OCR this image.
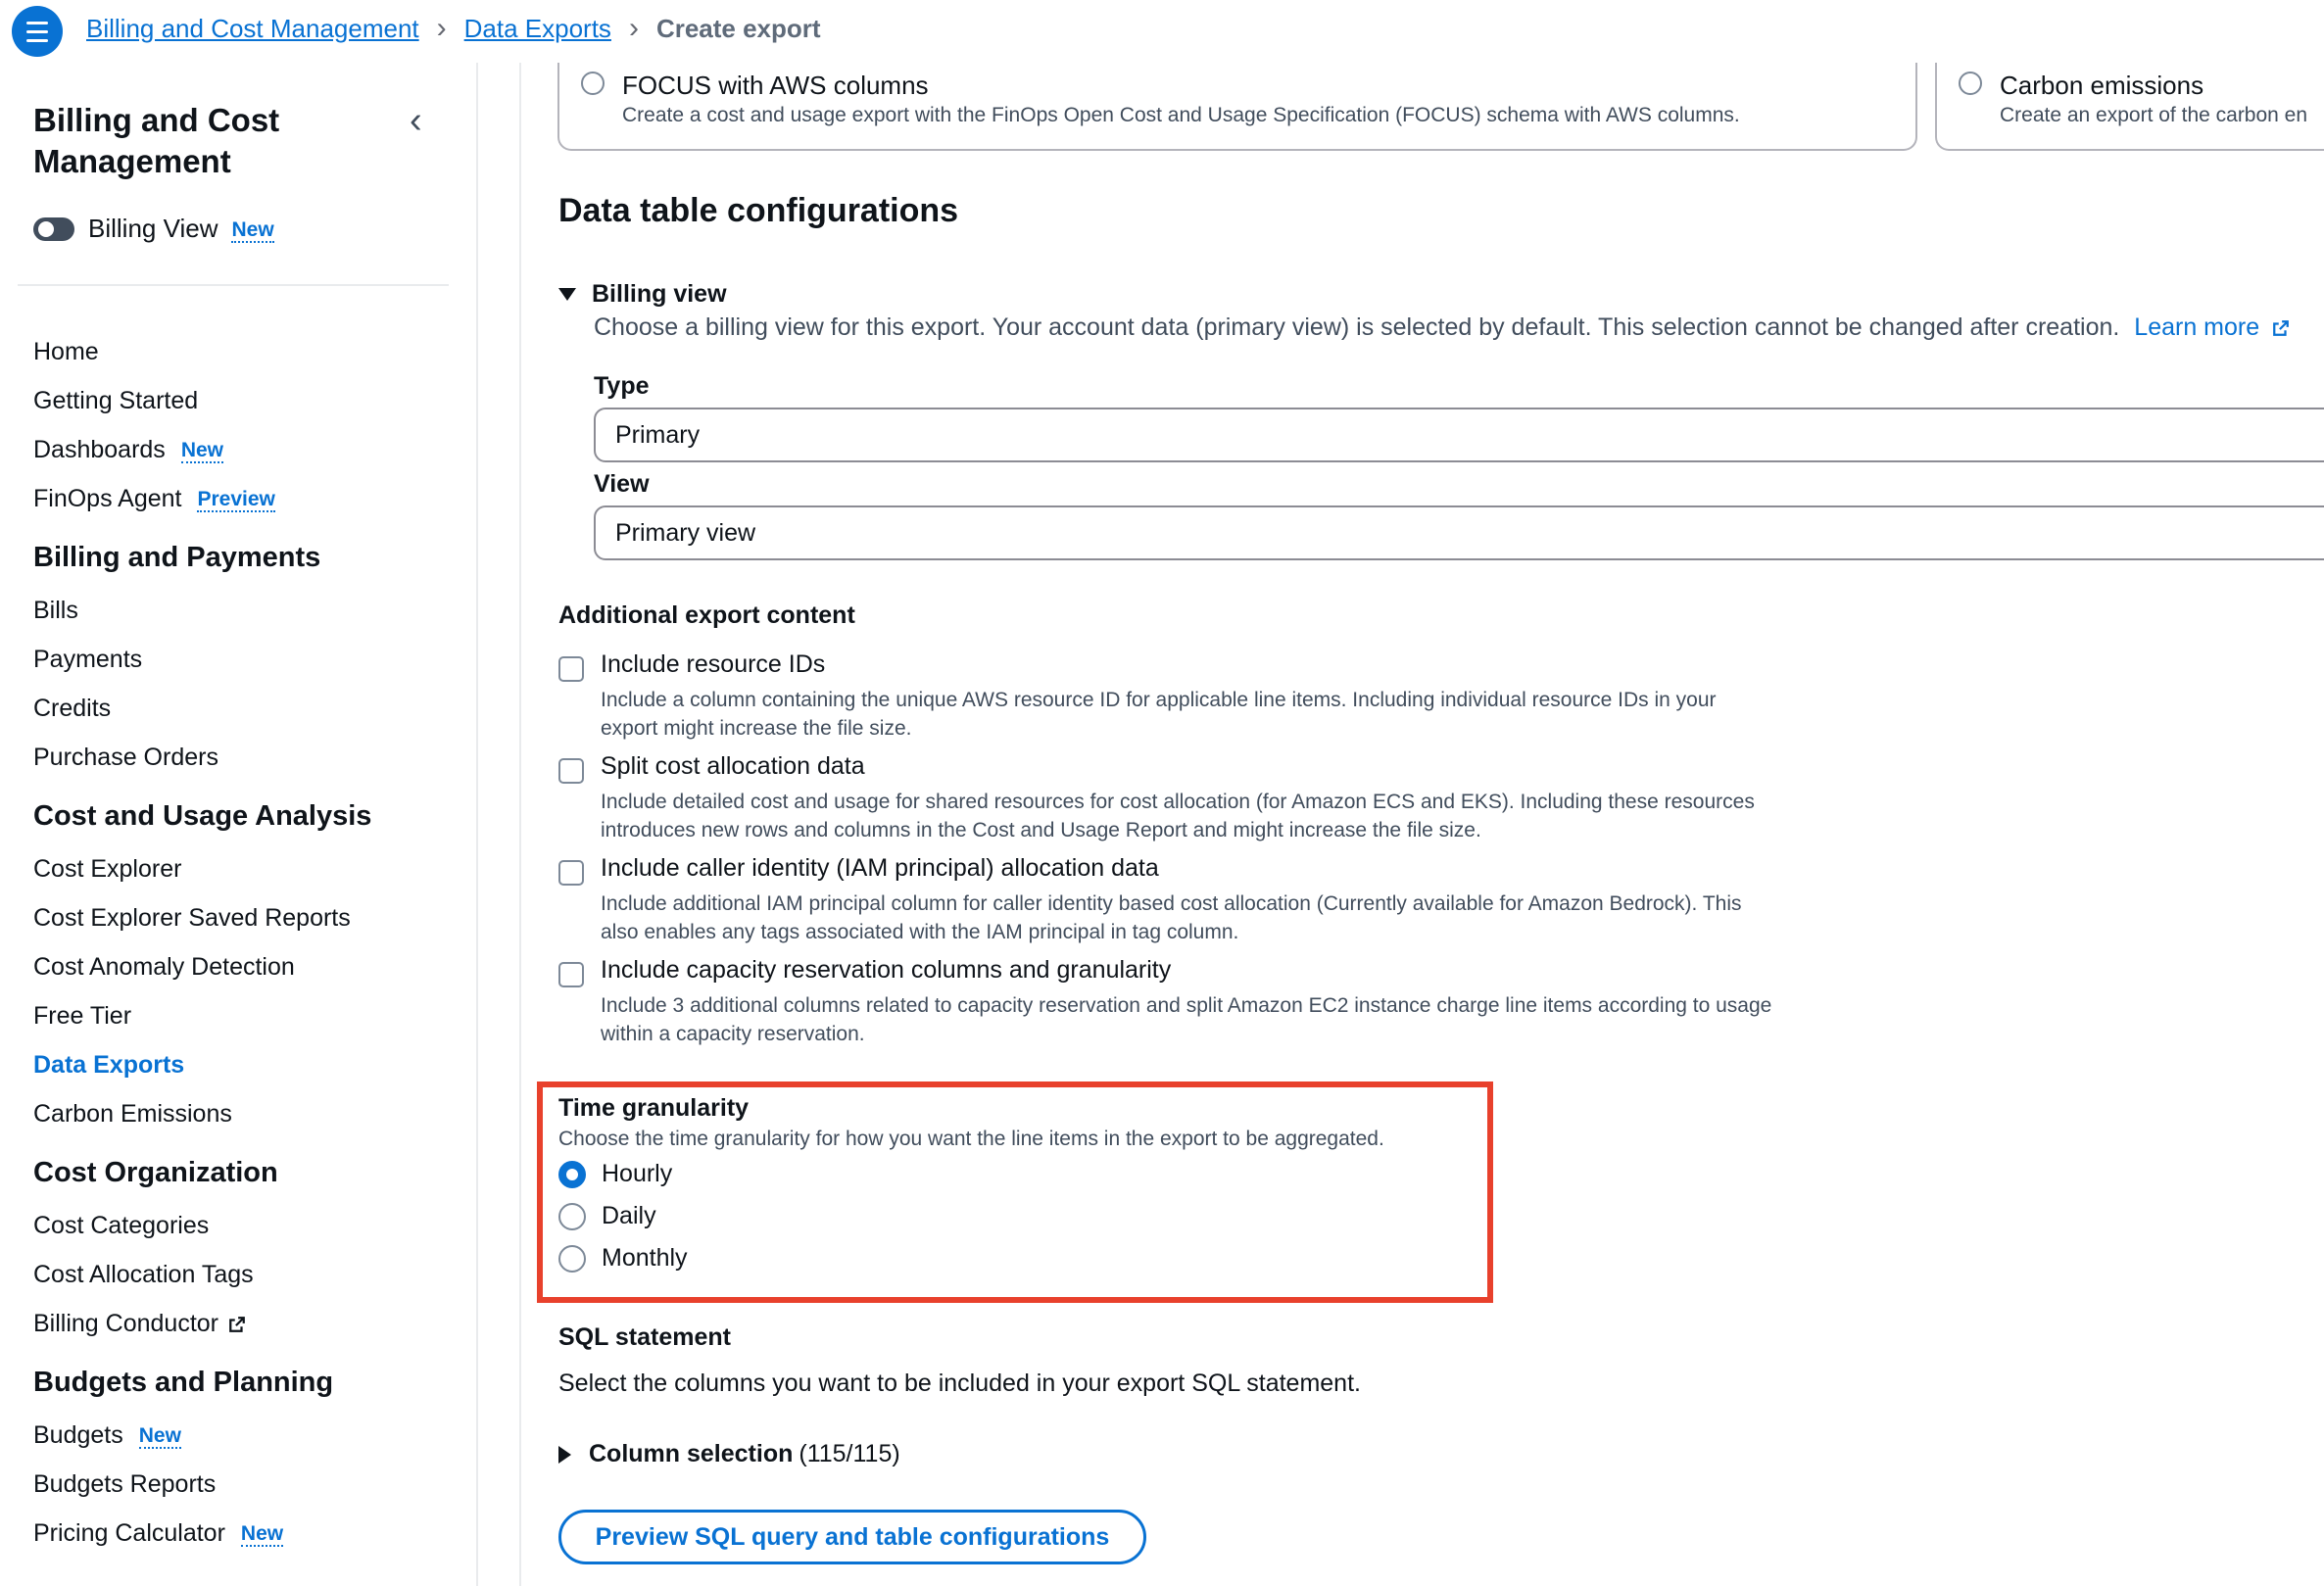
Billing and Cost Management › Data Exports › Create export
Billing and Cost Management
‹
Billing View New
Home
Getting Started
Dashboards New
FinOps Agent Preview
Billing and Payments
Bills
Payments
Credits
Purchase Orders
Cost and Usage Analysis
Cost Explorer
Cost Explorer Saved Reports
Cost Anomaly Detection
Free Tier
Data Exports
Carbon Emissions
Cost Organization
Cost Categories
Cost Allocation Tags
Billing Conductor
Budgets and Planning
Budgets New
Budgets Reports
Pricing Calculator New
FOCUS with AWS columns
Create a cost and usage export with the FinOps Open Cost and Usage Specification (FOCUS) schema with AWS columns.
Carbon emissions
Create an export of the carbon en
Data table configurations
Billing view
Choose a billing view for this export. Your account data (primary view) is selected by default. This selection cannot be changed after creation. Learn more
Type
Primary
View
Primary view
Additional export content
Include resource IDs
Include a column containing the unique AWS resource ID for applicable line items. Including individual resource IDs in your export might increase the file size.
Split cost allocation data
Include detailed cost and usage for shared resources for cost allocation (for Amazon ECS and EKS). Including these resources introduces new rows and columns in the Cost and Usage Report and might increase the file size.
Include caller identity (IAM principal) allocation data
Include additional IAM principal column for caller identity based cost allocation (Currently available for Amazon Bedrock). This also enables any tags associated with the IAM principal in tag column.
Include capacity reservation columns and granularity
Include 3 additional columns related to capacity reservation and split Amazon EC2 instance charge line items according to usage within a capacity reservation.
Time granularity
Choose the time granularity for how you want the line items in the export to be aggregated.
Hourly
Daily
Monthly
SQL statement
Select the columns you want to be included in your export SQL statement.
Column selection (115/115)
Preview SQL query and table configurations
